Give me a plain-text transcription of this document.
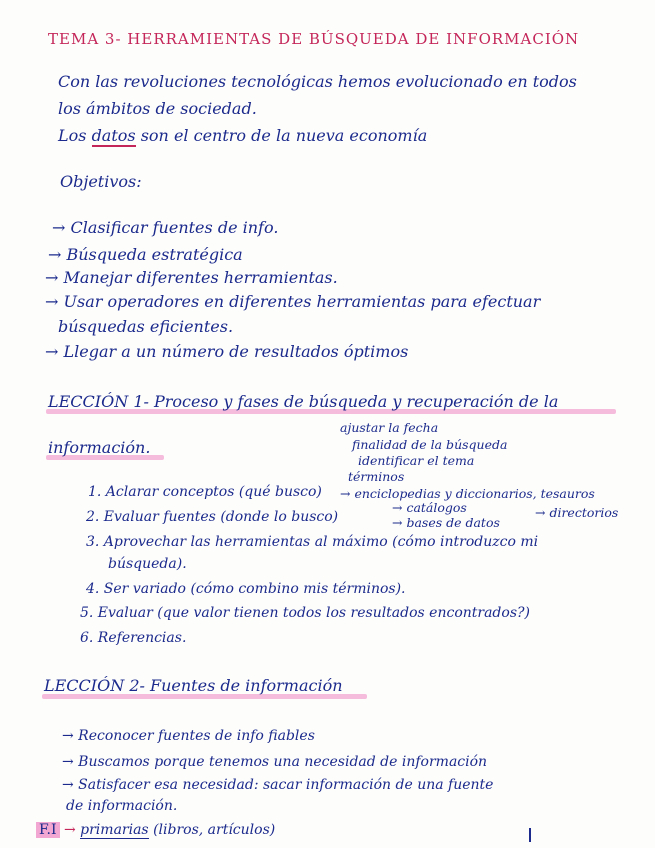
TEMA 3- HERRAMIENTAS DE BÚSQUEDA DE INFORMACIÓN
Con las revoluciones tecnológicas hemos evolucionado en todos
los ámbitos de sociedad.
Los datos son el centro de la nueva economía
Objetivos:
→ Clasificar fuentes de info.
→ Búsqueda estratégica
→ Manejar diferentes herramientas.
→ Usar operadores en diferentes herramientas para efectuar
búsquedas eficientes.
→ Llegar a un número de resultados óptimos
LECCIÓN 1- Proceso y fases de búsqueda y recuperación de la
información.
ajustar la fecha
finalidad de la búsqueda
identificar el tema
términos
1. Aclarar conceptos (qué busco) → enciclopedias y diccionarios, tesauros
2. Evaluar fuentes (donde lo busco)
→ catálogos
→ bases de datos
→ directorios
3. Aprovechar las herramientas al máximo (cómo introduzco mi
búsqueda).
4. Ser variado (cómo combino mis términos).
5. Evaluar (que valor tienen todos los resultados encontrados?)
6. Referencias.
LECCIÓN 2- Fuentes de información
→ Reconocer fuentes de info fiables
→ Buscamos porque tenemos una necesidad de información
→ Satisfacer esa necesidad: sacar información de una fuente
de información.
F.I → primarias (libros, artículos)
